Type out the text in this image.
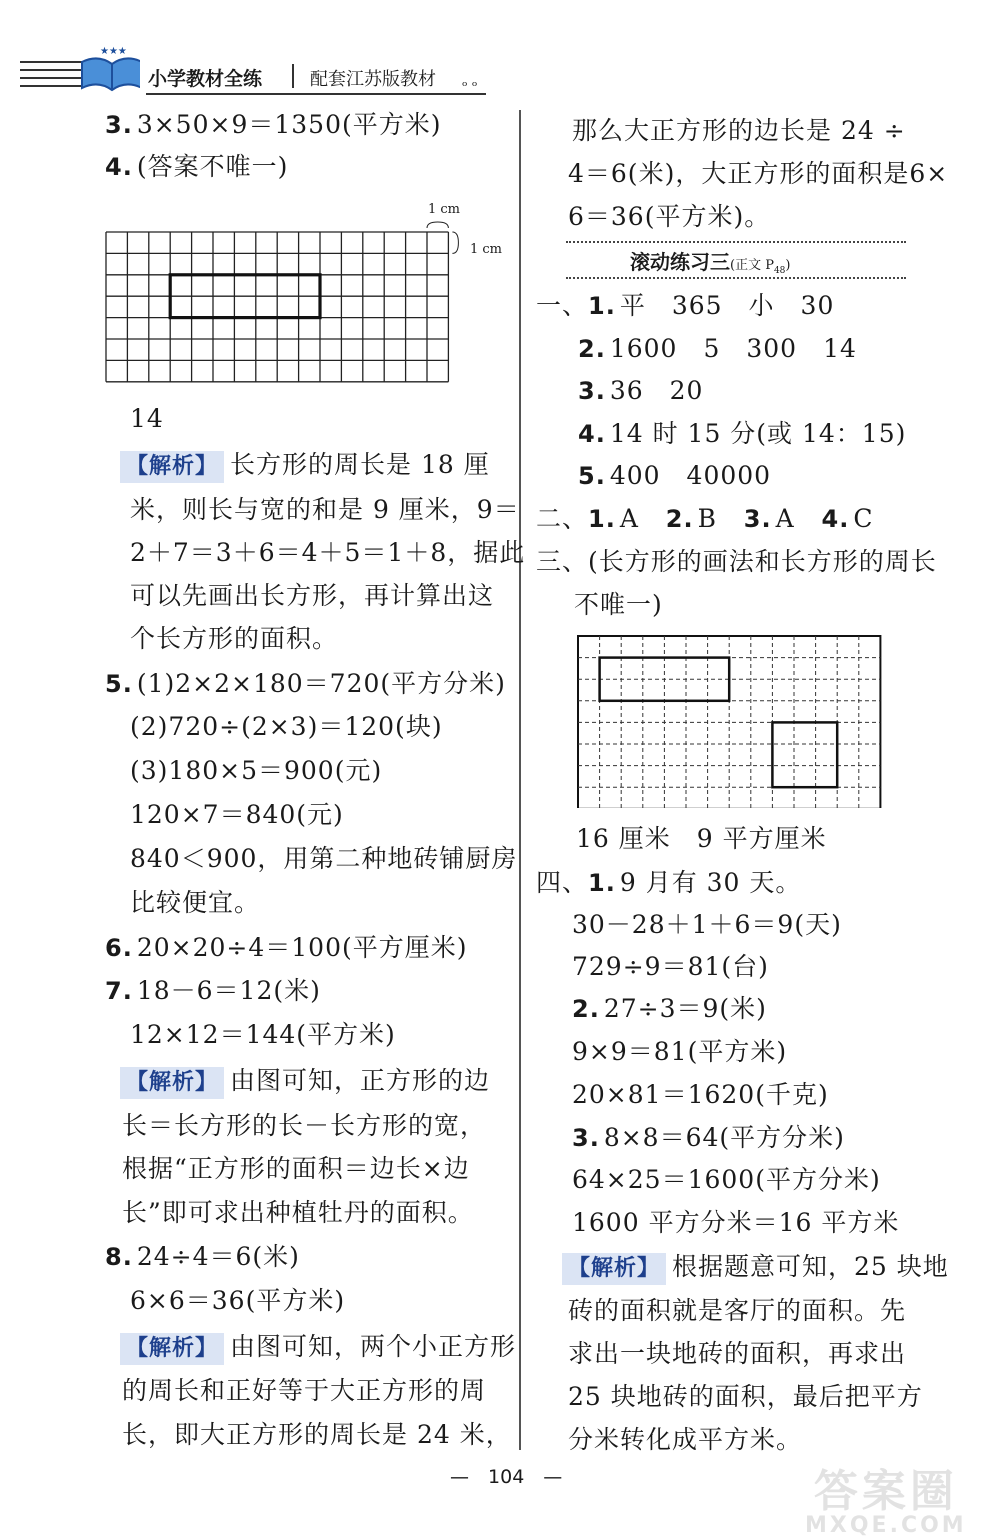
★★★
小学教材全练	配套江苏版教材 ₒ ₒ
3. 3×50×9＝1350(平方米)
4. (答案不唯一)
1 cm
1 cm
14
【解析】 长方形的周长是 18 厘
米，则长与宽的和是 9 厘米，9＝
2＋7＝3＋6＝4＋5＝1＋8，据此
可以先画出长方形，再计算出这
个长方形的面积。
5. (1)2×2×180＝720(平方分米)
(2)720÷(2×3)＝120(块)
(3)180×5＝900(元)
120×7＝840(元)
840＜900，用第二种地砖铺厨房
比较便宜。
6. 20×20÷4＝100(平方厘米)
7. 18－6＝12(米)
12×12＝144(平方米)
【解析】 由图可知，正方形的边
长＝长方形的长－长方形的宽，
根据“正方形的面积＝边长×边
长”即可求出种植牡丹的面积。
8. 24÷4＝6(米)
6×6＝36(平方米)
【解析】 由图可知，两个小正方形
的周长和正好等于大正方形的周
长，即大正方形的周长是 24 米，
那么大正方形的边长是 24 ÷
4＝6(米)，大正方形的面积是6×
6＝36(平方米)。
滚动练习三(正文 $P_{48}$)
一、1. 平　365　小　30
2. 1600　5　300　14
3. 36　20
4. 14 时 15 分(或 14：15)
5. 400　40000
二、1. A 2. B 3. A 4. C
三、(长方形的画法和长方形的周长
不唯一)
16 厘米　9 平方厘米
四、1. 9 月有 30 天。
30－28＋1＋6＝9(天)
729÷9＝81(台)
2. 27÷3＝9(米)
9×9＝81(平方米)
20×81＝1620(千克)
3. 8×8＝64(平方分米)
64×25＝1600(平方分米)
1600 平方分米＝16 平方米
【解析】 根据题意可知，25 块地
砖的面积就是客厅的面积。先
求出一块地砖的面积，再求出
25 块地砖的面积，最后把平方
分米转化成平方米。
—　104　—	答案圈
MXQE.COM
